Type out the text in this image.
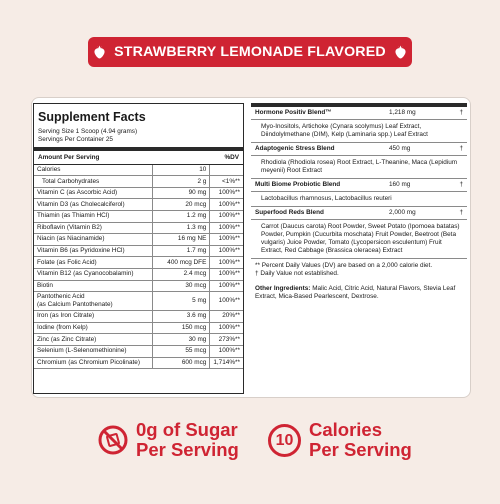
STRAWBERRY LEMONADE FLAVORED
Supplement Facts
Serving Size 1 Scoop (4.94 grams)
Servings Per Container 25
Amount Per Serving	%DV
Calories	10	

Total Carbohydrates	2 g	<1%**

Vitamin C (as Ascorbic Acid)	90 mg	100%**

Vitamin D3 (as Cholecalciferol)	20 mcg	100%**

Thiamin (as Thiamin HCl)	1.2 mg	100%**

Riboflavin (Vitamin B2)	1.3 mg	100%**

Niacin (as Niacinamide)	16 mg NE	100%**

Vitamin B6 (as Pyridoxine HCl)	1.7 mg	100%**

Folate (as Folic Acid)	400 mcg DFE	100%**

Vitamin B12 (as Cyanocobalamin)	2.4 mcg	100%**

Biotin	30 mcg	100%**

Pantothenic Acid
(as Calcium Pantothenate)	5 mg	100%**

Iron (as Iron Citrate)	3.6 mg	20%**

Iodine (from Kelp)	150 mcg	100%**

Zinc (as Zinc Citrate)	30 mg	273%**

Selenium (L-Selenomethionine)	55 mcg	100%**

Chromium (as Chromium Picolinate)	600 mcg	1,714%**
Hormone Positiv Blend™	1,218 mg	†
Myo-Inositols, Artichoke (Cynara scolymus) Leaf Extract, Diindolylmethane (DIM), Kelp (Laminaria spp.) Leaf Extract
Adaptogenic Stress Blend	450 mg	†
Rhodiola (Rhodiola rosea) Root Extract, L-Theanine, Maca (Lepidium meyenii) Root Extract
Multi Biome Probiotic Blend	160 mg	†
Lactobacillus rhamnosus, Lactobacillus reuteri
Superfood Reds Blend	2,000 mg	†
Carrot (Daucus carota) Root Powder, Sweet Potato (Ipomoea batatas) Powder, Pumpkin (Cucurbita moschata) Fruit Powder, Beetroot (Beta vulgaris) Juice Powder, Tomato (Lycopersicon esculentum) Fruit Extract, Red Cabbage (Brassica oleracea) Extract
** Percent Daily Values (DV) are based on a 2,000 calorie diet.
† Daily Value not established.
Other Ingredients: Malic Acid, Citric Acid, Natural Flavors, Stevia Leaf Extract, Mica-Based Pearlescent, Dextrose.
0g of Sugar
Per Serving 10
Calories
Per Serving
